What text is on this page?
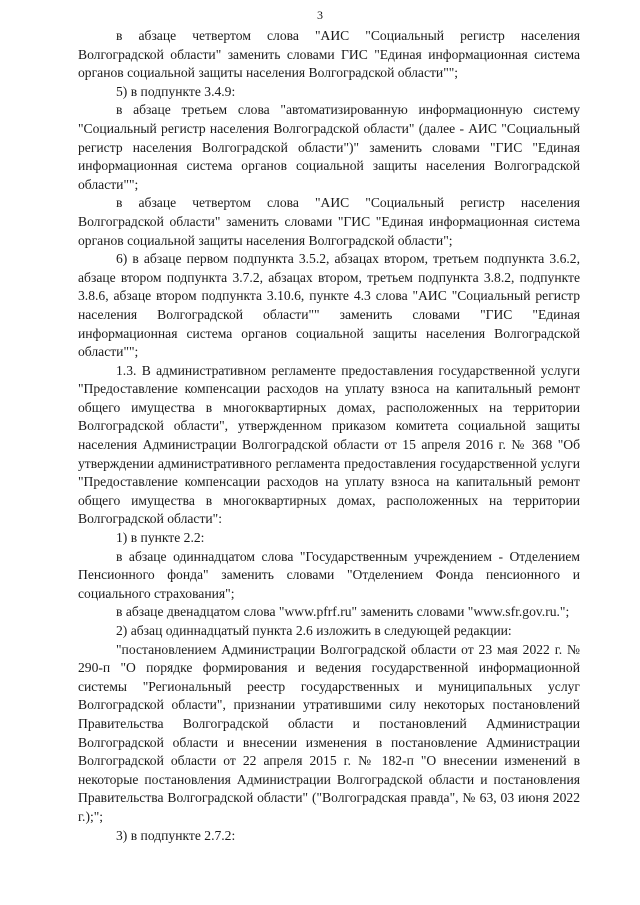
3

в абзаце четвертом слова "АИС "Социальный регистр населения Волгоградской области" заменить словами ГИС "Единая информационная система органов социальной защиты населения Волгоградской области"";

5) в подпункте 3.4.9:

в абзаце третьем слова "автоматизированную информационную систему "Социальный регистр населения Волгоградской области" (далее - АИС "Социальный регистр населения Волгоградской области")" заменить словами "ГИС "Единая информационная система органов социальной защиты населения Волгоградской области"";

в абзаце четвертом слова "АИС "Социальный регистр населения Волгоградской области" заменить словами "ГИС "Единая информационная система органов социальной защиты населения Волгоградской области";

6) в абзаце первом подпункта 3.5.2, абзацах втором, третьем подпункта 3.6.2, абзаце втором подпункта 3.7.2, абзацах втором, третьем подпункта 3.8.2, подпункте 3.8.6, абзаце втором подпункта 3.10.6, пункте 4.3 слова "АИС "Социальный регистр населения Волгоградской области"" заменить словами "ГИС "Единая информационная система органов социальной защиты населения Волгоградской области"";

1.3. В административном регламенте предоставления государственной услуги "Предоставление компенсации расходов на уплату взноса на капитальный ремонт общего имущества в многоквартирных домах, расположенных на территории Волгоградской области", утвержденном приказом комитета социальной защиты населения Администрации Волгоградской области от 15 апреля 2016 г. № 368 "Об утверждении административного регламента предоставления государственной услуги "Предоставление компенсации расходов на уплату взноса на капитальный ремонт общего имущества в многоквартирных домах, расположенных на территории Волгоградской области":

1) в пункте 2.2:

в абзаце одиннадцатом слова "Государственным учреждением - Отделением Пенсионного фонда" заменить словами "Отделением Фонда пенсионного и социального страхования";

в абзаце двенадцатом слова "www.pfrf.ru" заменить словами "www.sfr.gov.ru.";

2) абзац одиннадцатый пункта 2.6 изложить в следующей редакции:

"постановлением Администрации Волгоградской области от 23 мая 2022 г. № 290-п "О порядке формирования и ведения государственной информационной системы "Региональный реестр государственных и муниципальных услуг Волгоградской области", признании утратившими силу некоторых постановлений Правительства Волгоградской области и постановлений Администрации Волгоградской области и внесении изменения в постановление Администрации Волгоградской области от 22 апреля 2015 г. № 182-п "О внесении изменений в некоторые постановления Администрации Волгоградской области и постановления Правительства Волгоградской области" ("Волгоградская правда", № 63, 03 июня 2022 г.);";

3) в подпункте 2.7.2:
